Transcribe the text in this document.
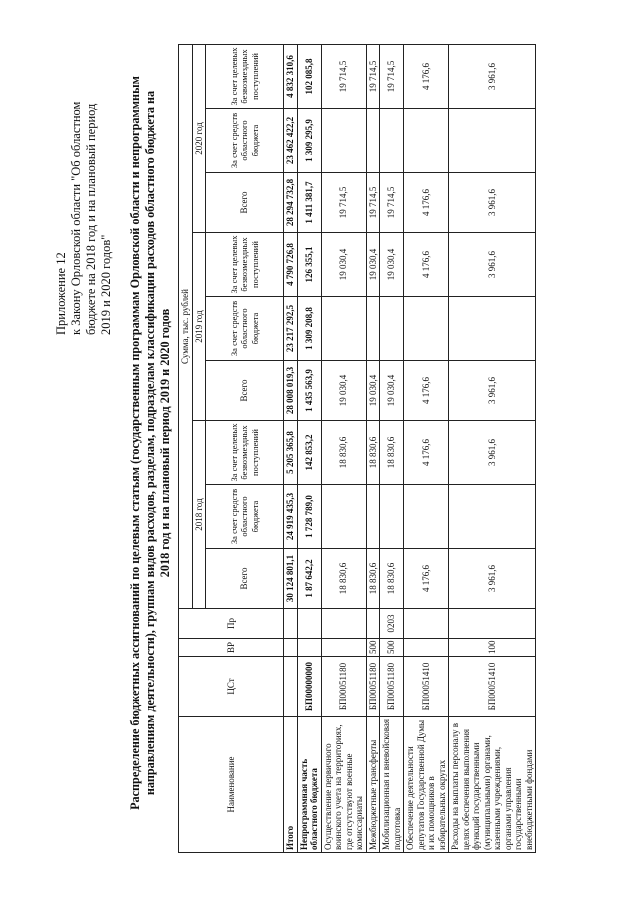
Приложение 12 к Закону Орловской области "Об областном бюджете на 2018 год и на плановый период 2019 и 2020 годов" Распределение бюджетных ассигнований по целевым статьям (государственным программам Орловской области и непрограммным направлениям деятельности), группам видов расходов, разделам, подразделам классификации расходов областного бюджета на 2018 год и на плановый период 2019 и 2020 годов
Наименование	ЦСт	ВР	Пр	Сумма, тыс. рублей								
				2018 год			2019 год			2020 год		
				Всего	За счет средств областного бюджета	За счет целевых безвозмездных поступлений	Всего	За счет средств областного бюджета	За счет целевых безвозмездных поступлений	Всего	За счет средств областного бюджета	За счет целевых безвозмездных поступлений
Итого				30 124 801,1	24 919 435,3	5 205 365,8	28 008 019,3	23 217 292,5	4 790 726,8	28 294 732,8	23 462 422,2	4 832 310,6
Непрограммная часть областного бюджета	БП00000000			1 87 642,2	1 728 789,0	142 853,2	1 435 563,9	1 309 208,8	126 355,1	1 411 381,7	1 309 295,9	102 085,8
Осуществление первичного воинского учета на территориях, где отсутствуют военные комиссариаты	БП00051180			18 830,6		18 830,6	19 030,4		19 030,4	19 714,5		19 714,5
Межбюджетные трансферты	БП00051180	500		18 830,6		18 830,6	19 030,4		19 030,4	19 714,5		19 714,5
Мобилизационная и вневойсковая подготовка	БП00051180	500	0203	18 830,6		18 830,6	19 030,4		19 030,4	19 714,5		19 714,5
Обеспечение деятельности депутатов Государственной Думы и их помощников в избирательных округах	БП00051410			4 176,6		4 176,6	4 176,6		4 176,6	4 176,6		4 176,6
Расходы на выплаты персоналу в целях обеспечения выполнения функций государственными (муниципальными) органами, казенными учреждениями, органами управления государственными внебюджетными фондами	БП00051410	100		3 961,6		3 961,6	3 961,6		3 961,6	3 961,6		3 961,6
